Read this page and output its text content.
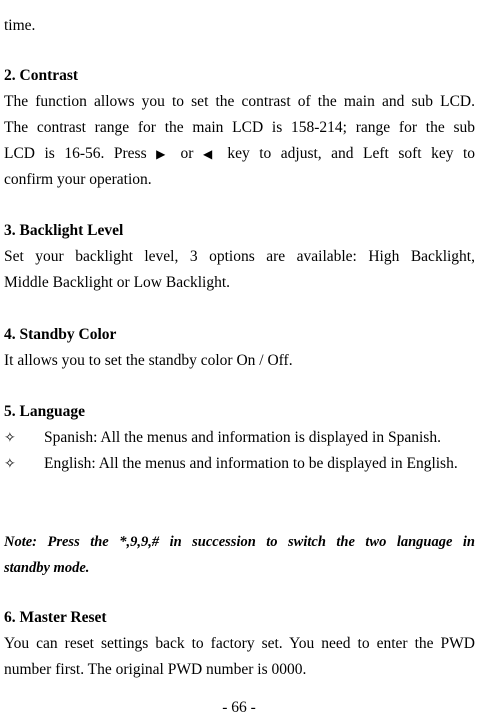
time.

2. Contrast

The function allows you to set the contrast of the main and sub LCD.

The contrast range for the main LCD is 158-214; range for the sub

LCD is 16-56. Press ▶ or ◀ key to adjust, and Left soft key to

confirm your operation.

3. Backlight Level

Set your backlight level, 3 options are available: High Backlight,

Middle Backlight or Low Backlight.

4. Standby Color

It allows you to set the standby color On / Off.

5. Language
✧ Spanish: All the menus and information is displayed in Spanish.
✧ English: All the menus and information to be displayed in English.

Note: Press the *,9,9,# in succession to switch the two language in

standby mode.

6. Master Reset

You can reset settings back to factory set. You need to enter the PWD

number first. The original PWD number is 0000.

- 66 -
